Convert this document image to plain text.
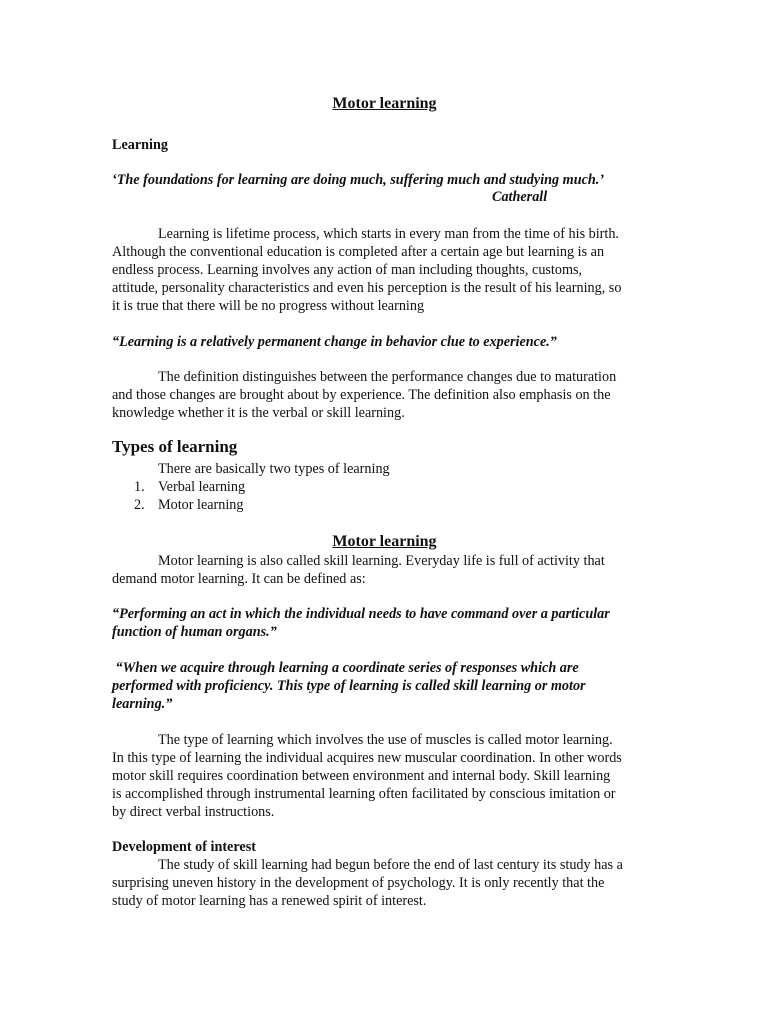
Motor learning
Learning
‘The foundations for learning are doing much, suffering much and studying much.’
Catherall
Learning is lifetime process, which starts in every man from the time of his birth.
Although the conventional education is completed after a certain age but learning is an
endless process. Learning involves any action of man including thoughts, customs,
attitude, personality characteristics and even his perception is the result of his learning, so
it is true that there will be no progress without learning
“Learning is a relatively permanent change in behavior clue to experience.”
The definition distinguishes between the performance changes due to maturation
and those changes are brought about by experience. The definition also emphasis on the
knowledge whether it is the verbal or skill learning.
Types of learning
There are basically two types of learning
1. Verbal learning
2. Motor learning
Motor learning
Motor learning is also called skill learning. Everyday life is full of activity that
demand motor learning. It can be defined as:
“Performing an act in which the individual needs to have command over a particular
function of human organs.”
“When we acquire through learning a coordinate series of responses which are
performed with proficiency. This type of learning is called skill learning or motor
learning.”
The type of learning which involves the use of muscles is called motor learning.
In this type of learning the individual acquires new muscular coordination. In other words
motor skill requires coordination between environment and internal body. Skill learning
is accomplished through instrumental learning often facilitated by conscious imitation or
by direct verbal instructions.
Development of interest
The study of skill learning had begun before the end of last century its study has a
surprising uneven history in the development of psychology. It is only recently that the
study of motor learning has a renewed spirit of interest.
